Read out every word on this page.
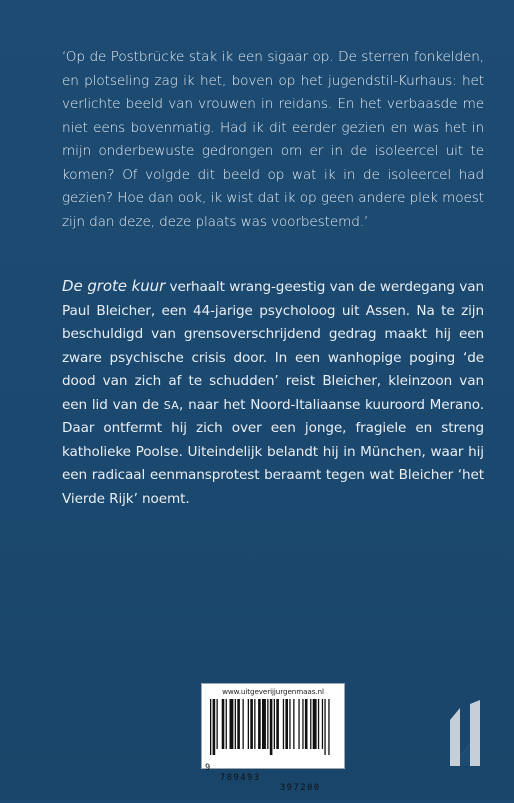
‘Op de Postbrücke stak ik een sigaar op. De sterren fonkelden, en plotseling zag ik het, boven op het jugendstil-Kurhaus: het verlichte beeld van vrouwen in reidans. En het verbaasde me niet eens bovenmatig. Had ik dit eerder gezien en was het in mijn onderbewuste gedrongen om er in de isoleercel uit te komen? Of volgde dit beeld op wat ik in de isoleercel had gezien? Hoe dan ook, ik wist dat ik op geen andere plek moest zijn dan deze, deze plaats was voorbestemd.’

De grote kuur verhaalt wrang-geestig van de werdegang van Paul Bleicher, een 44-jarige psycholoog uit Assen. Na te zijn beschuldigd van grensoverschrijdend gedrag maakt hij een zware psychische crisis door. In een wanhopige poging ‘de dood van zich af te schudden’ reist Bleicher, kleinzoon van een lid van de SA, naar het Noord-Italiaanse kuuroord Merano. Daar ontfermt hij zich over een jonge, fragiele en streng katholieke Poolse. Uiteindelijk belandt hij in München, waar hij een radicaal eenmansprotest beraamt tegen wat Bleicher ‘het Vierde Rijk’ noemt.

www.uitgeverijjurgenmaas.nl

9

789493

397200
